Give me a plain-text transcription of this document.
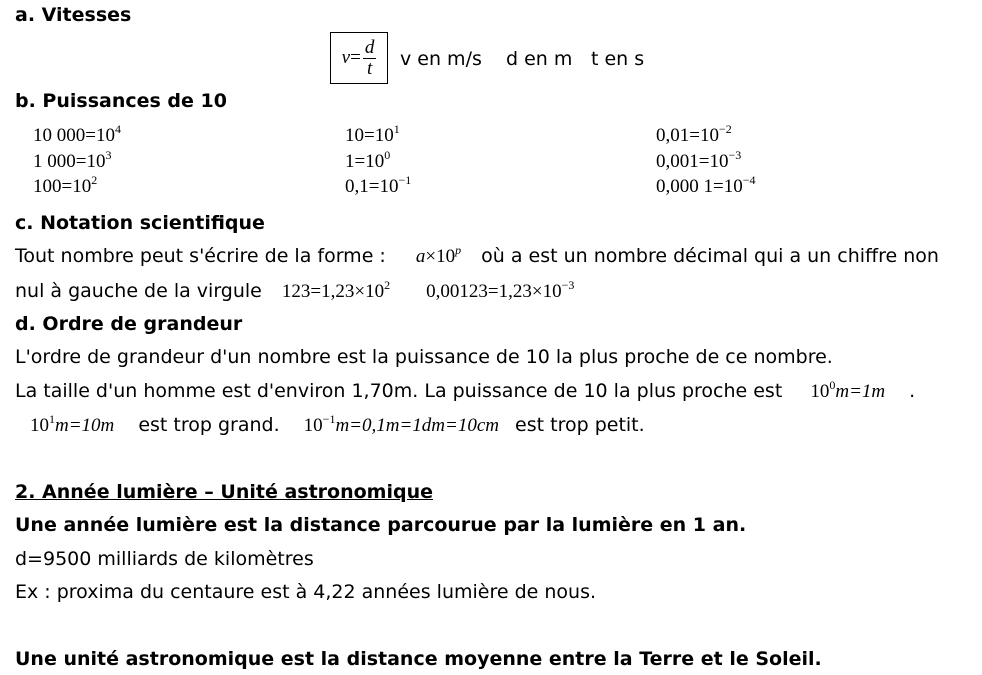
a. Vitesses
$v = \frac{d}{t}$ v en m/s d en m t en s
b. Puissances de 10
10 $000=10^4$
1 $000=10^3$
$100=10^2$
$10=10^1$
$1=10^0$
$0,1=10^{-1}$
$0,01=10^{-2}$
$0,001=10^{-3}$
0,000 $1=10^{-4}$
c. Notation scientifique
Tout nombre peut s'écrire de la forme : $a\times 10^p$ où a est un nombre décimal qui a un chiffre non
nul à gauche de la virgule $123=1,23\times 10^2$ $0,00123=1,23\times 10^{-3}$
d. Ordre de grandeur
L'ordre de grandeur d'un nombre est la puissance de 10 la plus proche de ce nombre.
La taille d'un homme est d'environ 1,70m. La puissance de 10 la plus proche est $10^0m=1m$ .
$10^1m=10m$ est trop grand. $10^{-1}m=0,1m=1dm=10cm$ est trop petit.
2. Année lumière – Unité astronomique
Une année lumière est la distance parcourue par la lumière en 1 an.
d=9500 milliards de kilomètres
Ex : proxima du centaure est à 4,22 années lumière de nous.
Une unité astronomique est la distance moyenne entre la Terre et le Soleil.
